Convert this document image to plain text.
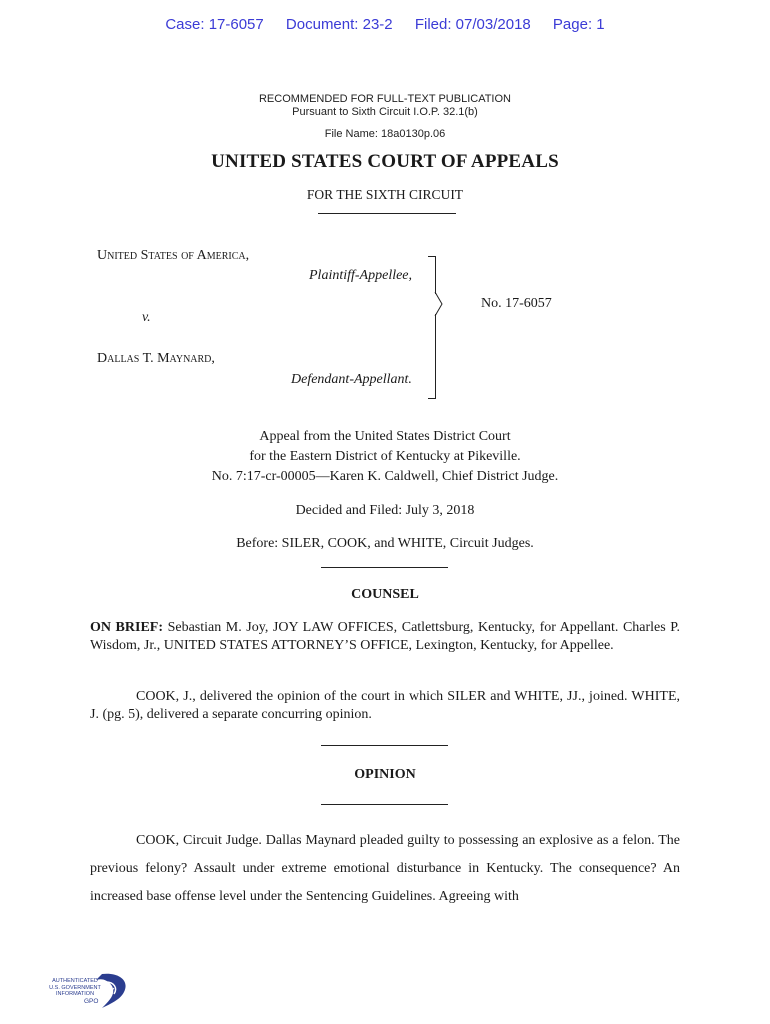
Case: 17-6057 Document: 23-2 Filed: 07/03/2018 Page: 1
RECOMMENDED FOR FULL-TEXT PUBLICATION
Pursuant to Sixth Circuit I.O.P. 32.1(b)
File Name: 18a0130p.06
UNITED STATES COURT OF APPEALS
FOR THE SIXTH CIRCUIT
United States of America,
Plaintiff-Appellee,
v.
Dallas T. Maynard,
Defendant-Appellant.
No. 17-6057
Appeal from the United States District Court
for the Eastern District of Kentucky at Pikeville.
No. 7:17-cr-00005—Karen K. Caldwell, Chief District Judge.
Decided and Filed: July 3, 2018
Before: SILER, COOK, and WHITE, Circuit Judges.
COUNSEL
ON BRIEF: Sebastian M. Joy, JOY LAW OFFICES, Catlettsburg, Kentucky, for Appellant. Charles P. Wisdom, Jr., UNITED STATES ATTORNEY’S OFFICE, Lexington, Kentucky, for Appellee.
COOK, J., delivered the opinion of the court in which SILER and WHITE, JJ., joined. WHITE, J. (pg. 5), delivered a separate concurring opinion.
OPINION
COOK, Circuit Judge. Dallas Maynard pleaded guilty to possessing an explosive as a felon. The previous felony? Assault under extreme emotional disturbance in Kentucky. The consequence? An increased base offense level under the Sentencing Guidelines. Agreeing with
AUTHENTICATED
U.S. GOVERNMENT
INFORMATION
GPO
